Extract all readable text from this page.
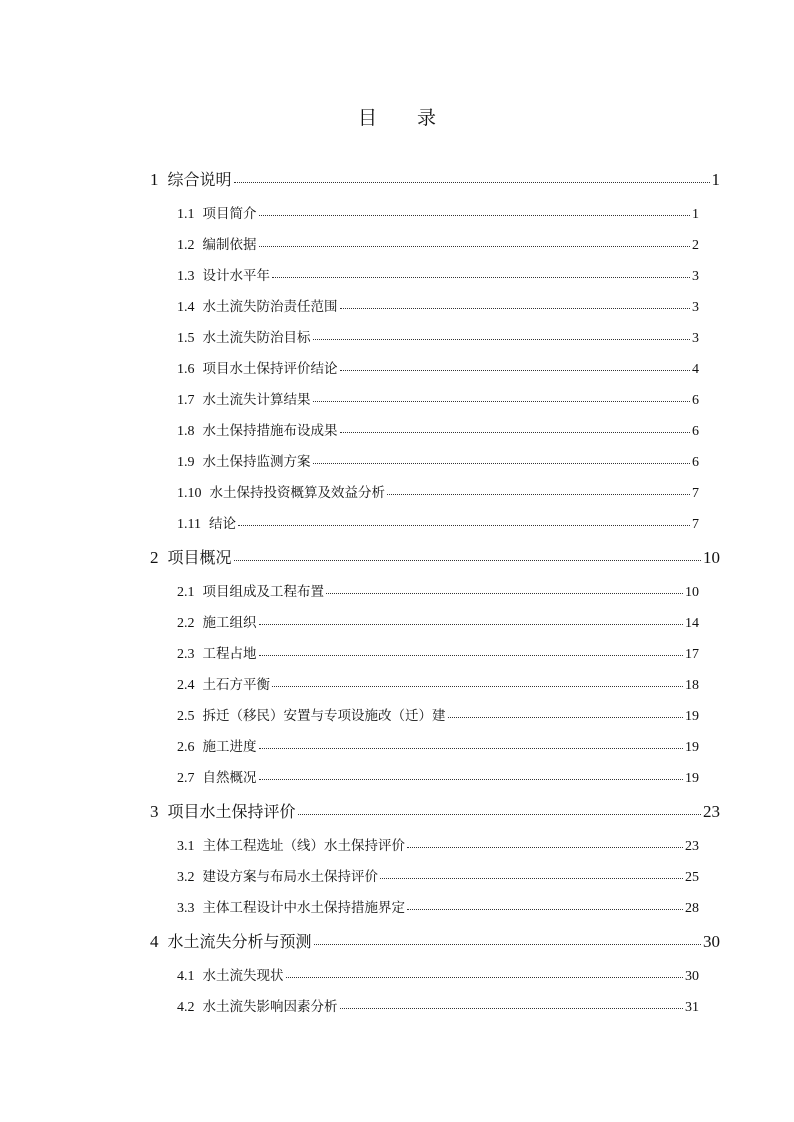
目 录
1 综合说明	1
1.1 项目简介	1
1.2 编制依据	2
1.3 设计水平年	3
1.4 水土流失防治责任范围	3
1.5 水土流失防治目标	3
1.6 项目水土保持评价结论	4
1.7 水土流失计算结果	6
1.8 水土保持措施布设成果	6
1.9 水土保持监测方案	6
1.10 水土保持投资概算及效益分析	7
1.11 结论	7
2 项目概况	10
2.1 项目组成及工程布置	10
2.2 施工组织	14
2.3 工程占地	17
2.4 土石方平衡	18
2.5 拆迁（移民）安置与专项设施改（迁）建	19
2.6 施工进度	19
2.7 自然概况	19
3 项目水土保持评价	23
3.1 主体工程选址（线）水土保持评价	23
3.2 建设方案与布局水土保持评价	25
3.3 主体工程设计中水土保持措施界定	28
4 水土流失分析与预测	30
4.1 水土流失现状	30
4.2 水土流失影响因素分析	31
